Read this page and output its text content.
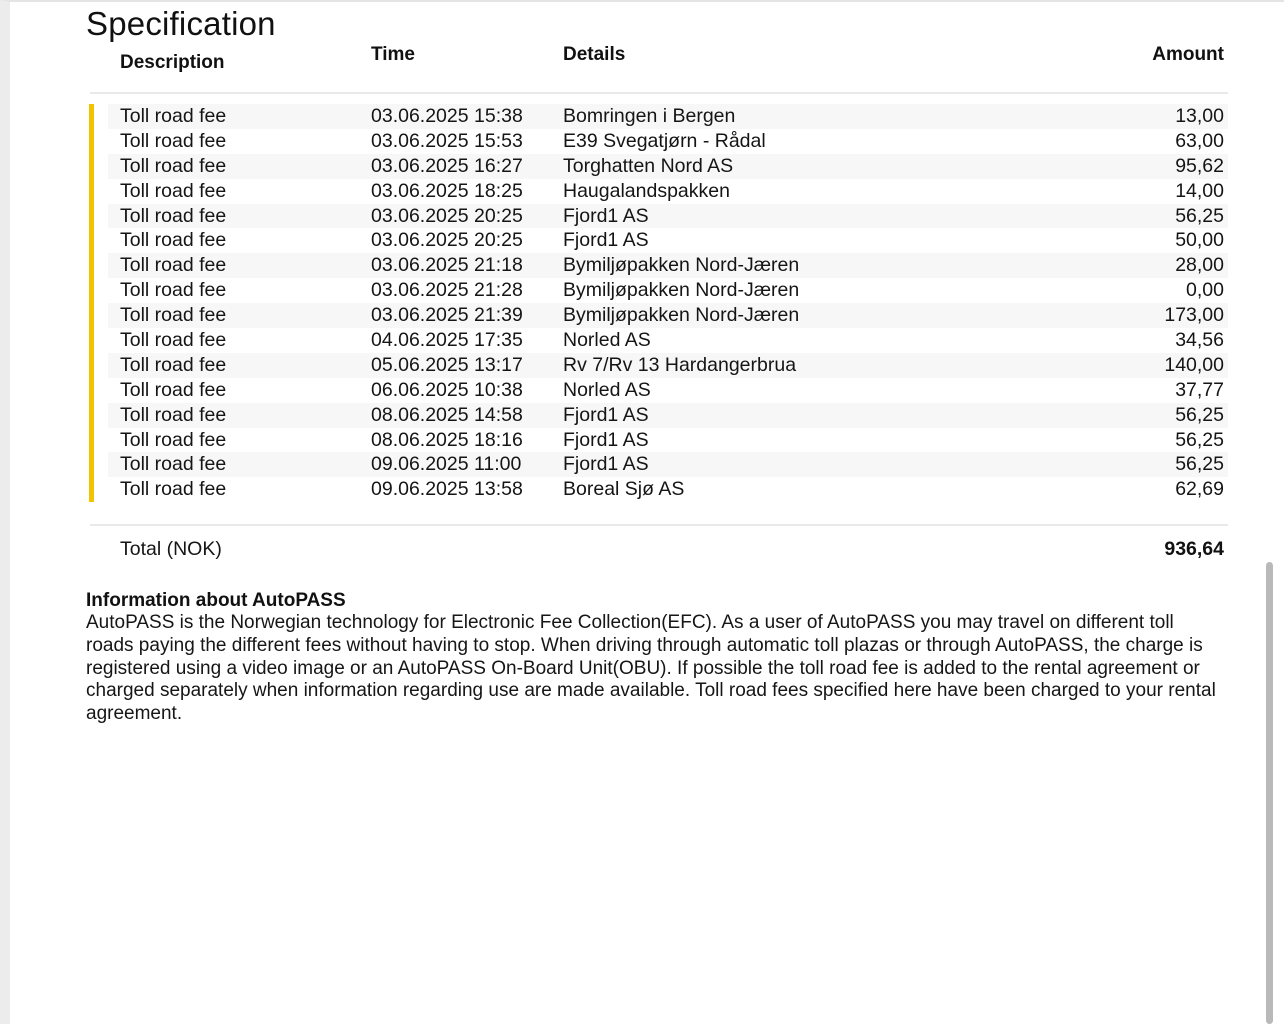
Specification
Description	Time	Details	Amount
Toll road fee	03.06.2025 15:38 Bomringen i Bergen	13,00
Toll road fee	03.06.2025 15:53 E39 Svegatjørn - Rådal	63,00
Toll road fee	03.06.2025 16:27 Torghatten Nord AS	95,62
Toll road fee	03.06.2025 18:25 Haugalandspakken	14,00
Toll road fee	03.06.2025 20:25 Fjord1 AS	56,25
Toll road fee	03.06.2025 20:25 Fjord1 AS	50,00
Toll road fee	03.06.2025 21:18 Bymiljøpakken Nord-Jæren	28,00
Toll road fee	03.06.2025 21:28 Bymiljøpakken Nord-Jæren	0,00
Toll road fee	03.06.2025 21:39 Bymiljøpakken Nord-Jæren	173,00
Toll road fee	04.06.2025 17:35 Norled AS	34,56
Toll road fee	05.06.2025 13:17 Rv 7/Rv 13 Hardangerbrua	140,00
Toll road fee	06.06.2025 10:38 Norled AS	37,77
Toll road fee	08.06.2025 14:58 Fjord1 AS	56,25
Toll road fee	08.06.2025 18:16 Fjord1 AS	56,25
Toll road fee	09.06.2025 11:00 Fjord1 AS	56,25
Toll road fee	09.06.2025 13:58 Boreal Sjø AS	62,69
Total (NOK)	936,64
Information about AutoPASS
AutoPASS is the Norwegian technology for Electronic Fee Collection(EFC). As a user of AutoPASS you may travel on different toll roads paying the different fees without having to stop. When driving through automatic toll plazas or through AutoPASS, the charge is registered using a video image or an AutoPASS On-Board Unit(OBU). If possible the toll road fee is added to the rental agreement or charged separately when information regarding use are made available. Toll road fees specified here have been charged to your rental agreement.
